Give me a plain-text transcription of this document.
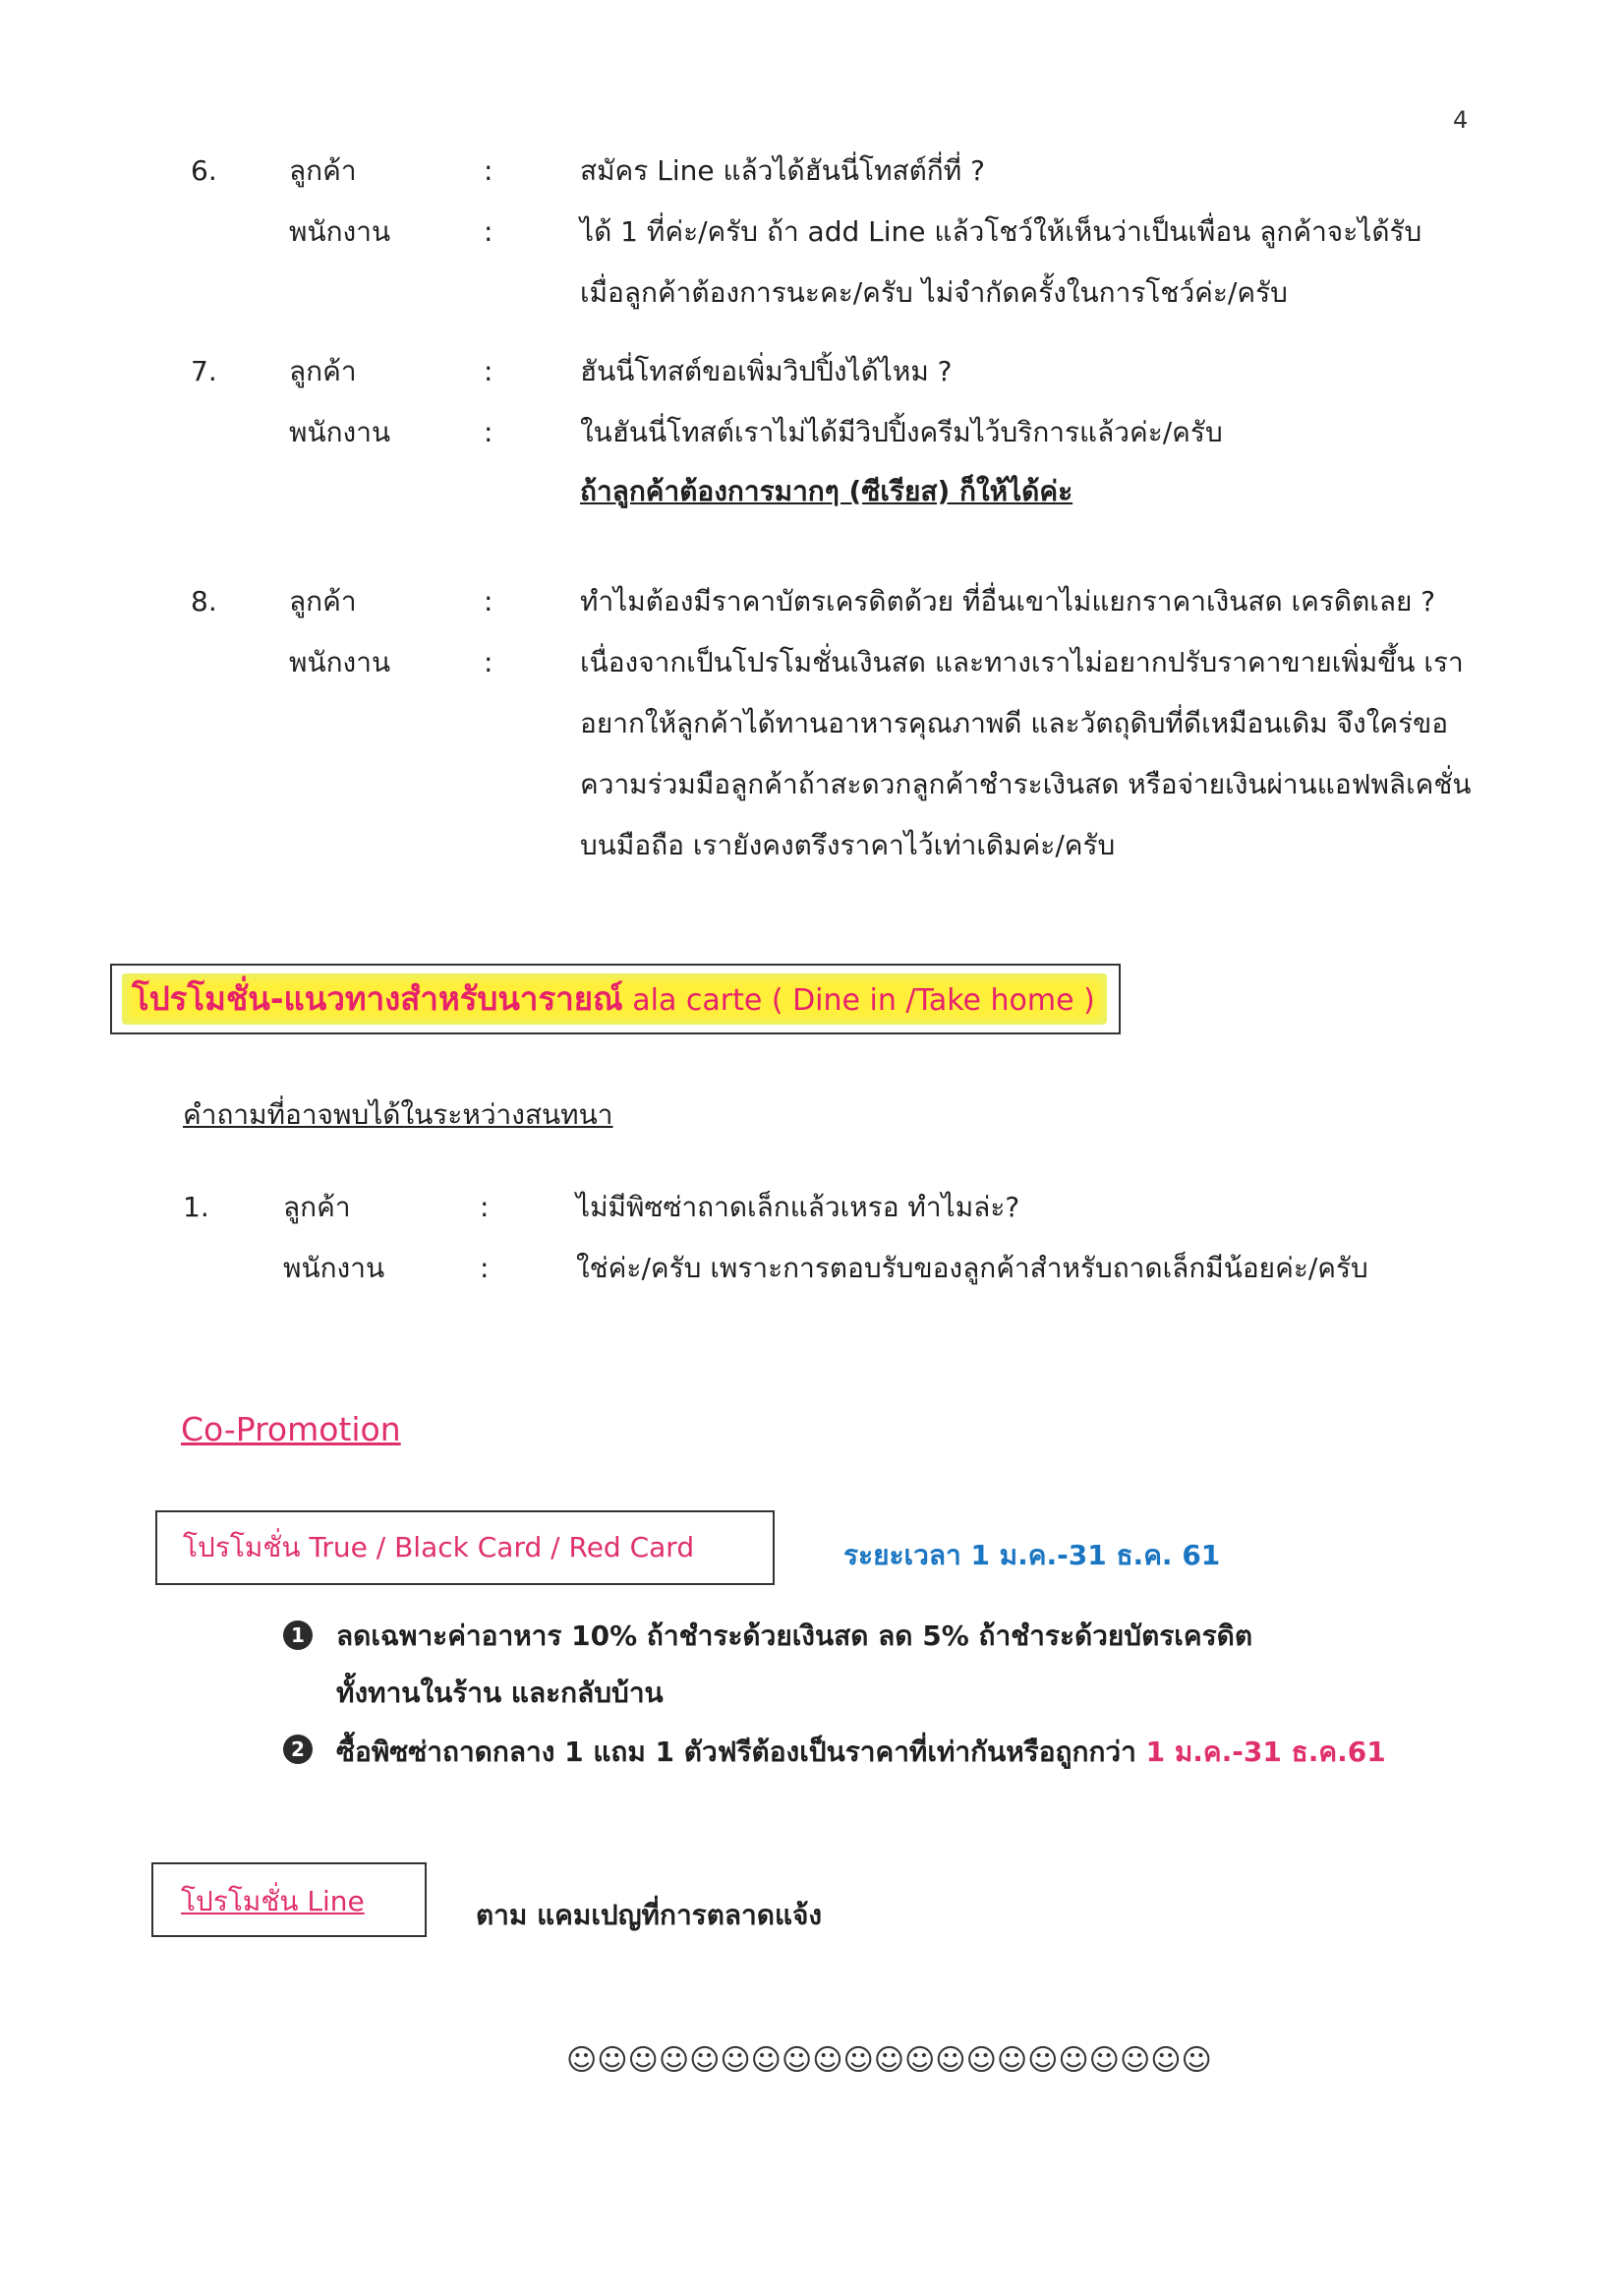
4
6.	ลูกค้า	:	สมัคร Line แล้วได้ฮันนี่โทสต์กี่ที่ ?
พนักงาน	:	ได้ 1 ที่ค่ะ/ครับ ถ้า add Line แล้วโชว์ให้เห็นว่าเป็นเพื่อน ลูกค้าจะได้รับ
เมื่อลูกค้าต้องการนะคะ/ครับ ไม่จำกัดครั้งในการโชว์ค่ะ/ครับ
7.	ลูกค้า	:	ฮันนี่โทสต์ขอเพิ่มวิปปิ้งได้ไหม ?
พนักงาน	:	ในฮันนี่โทสต์เราไม่ได้มีวิปปิ้งครีมไว้บริการแล้วค่ะ/ครับ
ถ้าลูกค้าต้องการมากๆ (ซีเรียส) ก็ให้ได้ค่ะ
8.	ลูกค้า	:	ทำไมต้องมีราคาบัตรเครดิตด้วย ที่อื่นเขาไม่แยกราคาเงินสด เครดิตเลย ?
พนักงาน	:	เนื่องจากเป็นโปรโมชั่นเงินสด และทางเราไม่อยากปรับราคาขายเพิ่มขึ้น เรา
อยากให้ลูกค้าได้ทานอาหารคุณภาพดี และวัตถุดิบที่ดีเหมือนเดิม จึงใคร่ขอ
ความร่วมมือลูกค้าถ้าสะดวกลูกค้าชำระเงินสด หรือจ่ายเงินผ่านแอฟพลิเคชั่น
บนมือถือ เรายังคงตรึงราคาไว้เท่าเดิมค่ะ/ครับ
โปรโมชั่น-แนวทางสำหรับนารายณ์ ala carte ( Dine in /Take home )
คำถามที่อาจพบได้ในระหว่างสนทนา
1.	ลูกค้า	:	ไม่มีพิซซ่าถาดเล็กแล้วเหรอ ทำไมล่ะ?
พนักงาน	:	ใช่ค่ะ/ครับ เพราะการตอบรับของลูกค้าสำหรับถาดเล็กมีน้อยค่ะ/ครับ
Co-Promotion
โปรโมชั่น True / Black Card / Red Card	ระยะเวลา 1 ม.ค.-31 ธ.ค. 61
1 ลดเฉพาะค่าอาหาร 10% ถ้าชำระด้วยเงินสด ลด 5% ถ้าชำระด้วยบัตรเครดิต
ทั้งทานในร้าน และกลับบ้าน
2 ซื้อพิซซ่าถาดกลาง 1 แถม 1 ตัวฟรีต้องเป็นราคาที่เท่ากันหรือถูกกว่า 1 ม.ค.-31 ธ.ค.61
โปรโมชั่น Line	ตาม แคมเปญที่การตลาดแจ้ง
☺☺☺☺☺☺☺☺☺☺☺☺☺☺☺☺☺☺☺☺☺
